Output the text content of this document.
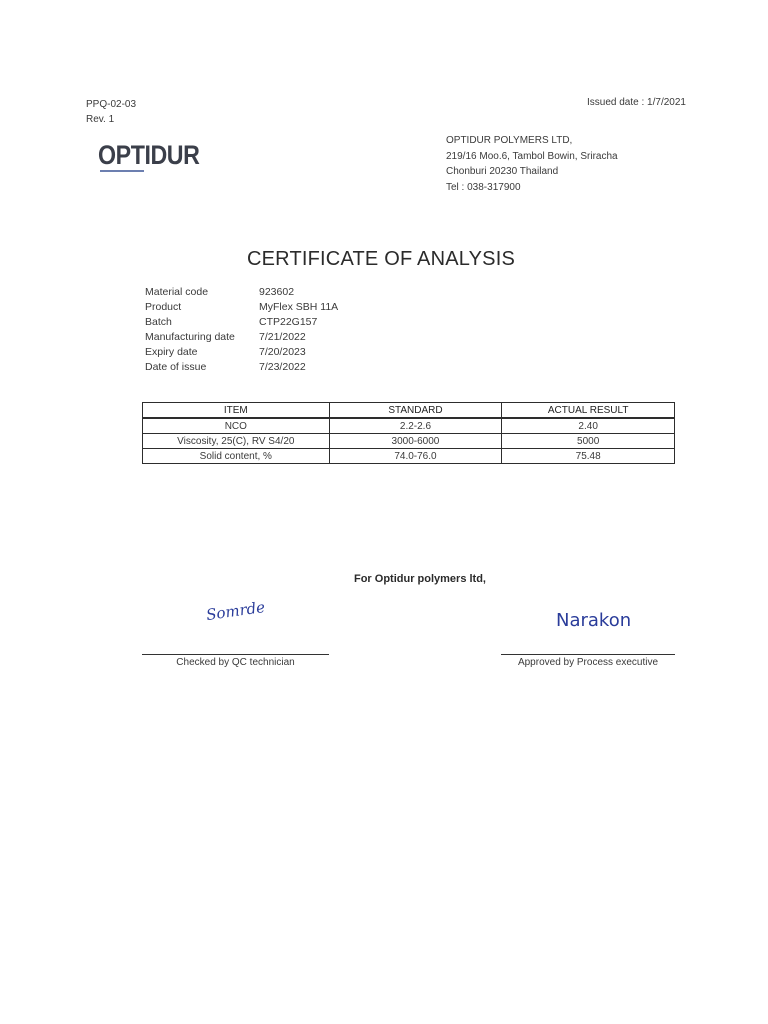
PPQ-02-03
Rev. 1
Issued date : 1/7/2021
OPTIDUR	OPTIDUR POLYMERS LTD,
219/16 Moo.6, Tambol Bowin, Sriracha
Chonburi 20230 Thailand
Tel : 038-317900
CERTIFICATE OF ANALYSIS
Material code	923602
Product	MyFlex SBH 11A
Batch	CTP22G157
Manufacturing date 7/21/2022
Expiry date	7/20/2023
Date of issue	7/23/2022
ITEM	STANDARD	ACTUAL RESULT
NCO	2.2-2.6	2.40
Viscosity, 25(C), RV S4/20	3000-6000	5000
Solid content, %	74.0-76.0	75.48
For Optidur polymers ltd,
Somrde	Narakon
Checked by QC technician	Approved by Process executive
